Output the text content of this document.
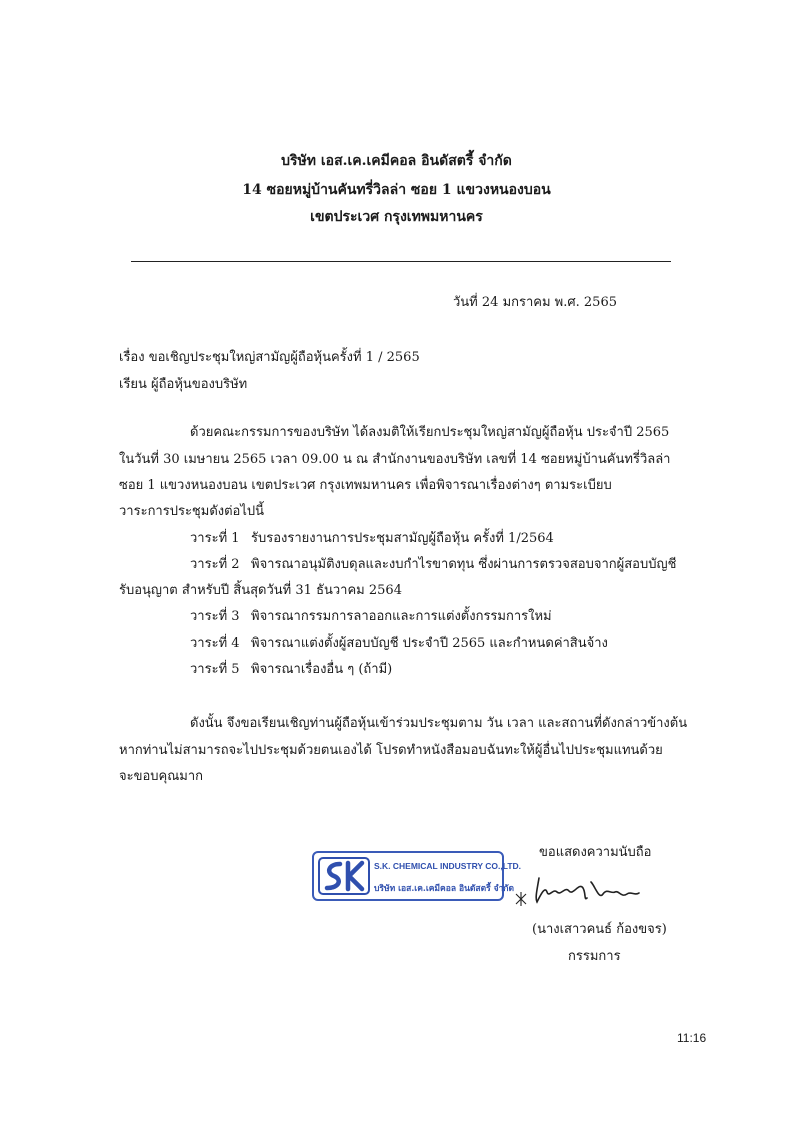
บริษัท เอส.เค.เคมีคอล อินดัสตรี้ จำกัด
14 ซอยหมู่บ้านคันทรี่วิลล่า ซอย 1 แขวงหนองบอน
เขตประเวศ กรุงเทพมหานคร
วันที่ 24 มกราคม พ.ศ. 2565
เรื่อง ขอเชิญประชุมใหญ่สามัญผู้ถือหุ้นครั้งที่ 1 / 2565
เรียน ผู้ถือหุ้นของบริษัท
ด้วยคณะกรรมการของบริษัท ได้ลงมติให้เรียกประชุมใหญ่สามัญผู้ถือหุ้น ประจำปี 2565
ในวันที่ 30 เมษายน 2565 เวลา 09.00 น ณ สำนักงานของบริษัท เลขที่ 14 ซอยหมู่บ้านคันทรี่วิลล่า
ซอย 1 แขวงหนองบอน เขตประเวศ กรุงเทพมหานคร เพื่อพิจารณาเรื่องต่างๆ ตามระเบียบ
วาระการประชุมดังต่อไปนี้
วาระที่ 1 รับรองรายงานการประชุมสามัญผู้ถือหุ้น ครั้งที่ 1/2564
วาระที่ 2 พิจารณาอนุมัติงบดุลและงบกำไรขาดทุน ซึ่งผ่านการตรวจสอบจากผู้สอบบัญชี
รับอนุญาต สำหรับปี สิ้นสุดวันที่ 31 ธันวาคม 2564
วาระที่ 3 พิจารณากรรมการลาออกและการแต่งตั้งกรรมการใหม่
วาระที่ 4 พิจารณาแต่งตั้งผู้สอบบัญชี ประจำปี 2565 และกำหนดค่าสินจ้าง
วาระที่ 5 พิจารณาเรื่องอื่น ๆ (ถ้ามี)
ดังนั้น จึงขอเรียนเชิญท่านผู้ถือหุ้นเข้าร่วมประชุมตาม วัน เวลา และสถานที่ดังกล่าวข้างต้น
หากท่านไม่สามารถจะไปประชุมด้วยตนเองได้ โปรดทำหนังสือมอบฉันทะให้ผู้อื่นไปประชุมแทนด้วย
จะขอบคุณมาก
ขอแสดงความนับถือ
S.K. CHEMICAL INDUSTRY CO.,LTD.
บริษัท เอส.เค.เคมีคอล อินดัสตรี้ จำกัด
(นางเสาวคนธ์ ก้องขจร)
กรรมการ
11:16
